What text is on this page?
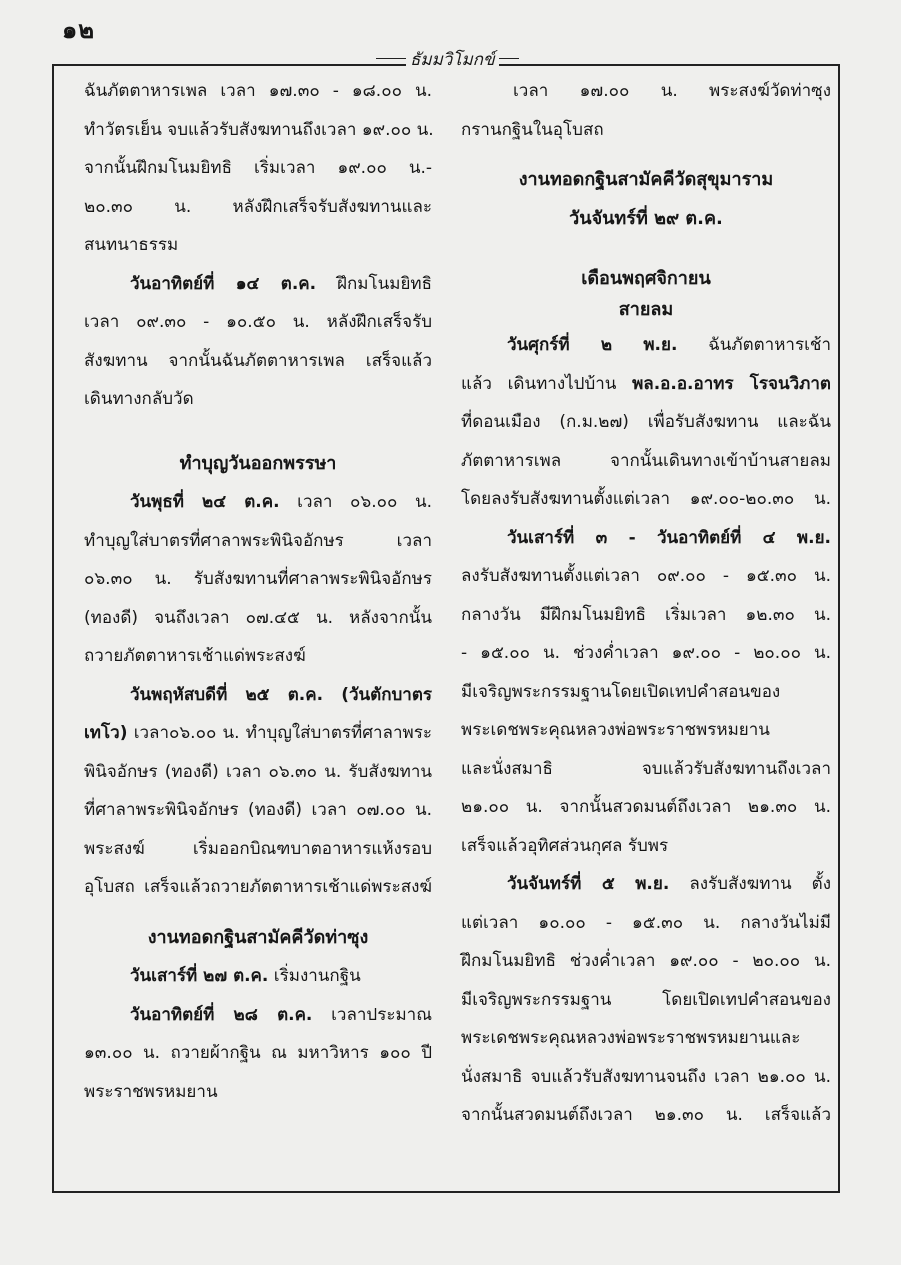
๑๒
ธัมมวิโมกข์
ฉันภัตตาหารเพล เวลา ๑๗.๓๐ - ๑๘.๐๐ น.
ทำวัตรเย็น จบแล้วรับสังฆทานถึงเวลา ๑๙.๐๐ น.
จากนั้นฝึกมโนมยิทธิ เริ่มเวลา ๑๙.๐๐ น.-
๒๐.๓๐ น. หลังฝึกเสร็จรับสังฆทานและ
สนทนาธรรม
วันอาทิตย์ที่ ๑๔ ต.ค. ฝึกมโนมยิทธิ
เวลา ๐๙.๓๐ - ๑๐.๕๐ น. หลังฝึกเสร็จรับ
สังฆทาน จากนั้นฉันภัตตาหารเพล เสร็จแล้ว
เดินทางกลับวัด
ทำบุญวันออกพรรษา
วันพุธที่ ๒๔ ต.ค. เวลา ๐๖.๐๐ น.
ทำบุญใส่บาตรที่ศาลาพระพินิจอักษร เวลา
๐๖.๓๐ น. รับสังฆทานที่ศาลาพระพินิจอักษร
(ทองดี) จนถึงเวลา ๐๗.๔๕ น. หลังจากนั้น
ถวายภัตตาหารเช้าแด่พระสงฆ์
วันพฤหัสบดีที่ ๒๕ ต.ค. (วันตักบาตร
เทโว) เวลา๐๖.๐๐ น. ทำบุญใส่บาตรที่ศาลาพระ
พินิจอักษร (ทองดี) เวลา ๐๖.๓๐ น. รับสังฆทาน
ที่ศาลาพระพินิจอักษร (ทองดี) เวลา ๐๗.๐๐ น.
พระสงฆ์ เริ่มออกบิณฑบาตอาหารแห้งรอบ
อุโบสถ เสร็จแล้วถวายภัตตาหารเช้าแด่พระสงฆ์
งานทอดกฐินสามัคคีวัดท่าซุง
วันเสาร์ที่ ๒๗ ต.ค. เริ่มงานกฐิน
วันอาทิตย์ที่ ๒๘ ต.ค. เวลาประมาณ
๑๓.๐๐ น. ถวายผ้ากฐิน ณ มหาวิหาร ๑๐๐ ปี
พระราชพรหมยาน
เวลา ๑๗.๐๐ น. พระสงฆ์วัดท่าซุง
กรานกฐินในอุโบสถ
งานทอดกฐินสามัคคีวัดสุขุมาราม
วันจันทร์ที่ ๒๙ ต.ค.
เดือนพฤศจิกายน
สายลม
วันศุกร์ที่ ๒ พ.ย. ฉันภัตตาหารเช้า
แล้ว เดินทางไปบ้าน พล.อ.อ.อาทร โรจนวิภาต
ที่ดอนเมือง (ก.ม.๒๗) เพื่อรับสังฆทาน และฉัน
ภัตตาหารเพล จากนั้นเดินทางเข้าบ้านสายลม
โดยลงรับสังฆทานตั้งแต่เวลา ๑๙.๐๐-๒๐.๓๐ น.
วันเสาร์ที่ ๓ - วันอาทิตย์ที่ ๔ พ.ย.
ลงรับสังฆทานตั้งแต่เวลา ๐๙.๐๐ - ๑๕.๓๐ น.
กลางวัน มีฝึกมโนมยิทธิ เริ่มเวลา ๑๒.๓๐ น.
- ๑๕.๐๐ น. ช่วงค่ำเวลา ๑๙.๐๐ - ๒๐.๐๐ น.
มีเจริญพระกรรมฐานโดยเปิดเทปคำสอนของ
พระเดชพระคุณหลวงพ่อพระราชพรหมยาน
และนั่งสมาธิ จบแล้วรับสังฆทานถึงเวลา
๒๑.๐๐ น. จากนั้นสวดมนต์ถึงเวลา ๒๑.๓๐ น.
เสร็จแล้วอุทิศส่วนกุศล รับพร
วันจันทร์ที่ ๕ พ.ย. ลงรับสังฆทาน ตั้ง
แต่เวลา ๑๐.๐๐ - ๑๕.๓๐ น. กลางวันไม่มี
ฝึกมโนมยิทธิ ช่วงค่ำเวลา ๑๙.๐๐ - ๒๐.๐๐ น.
มีเจริญพระกรรมฐาน โดยเปิดเทปคำสอนของ
พระเดชพระคุณหลวงพ่อพระราชพรหมยานและ
นั่งสมาธิ จบแล้วรับสังฆทานจนถึง เวลา ๒๑.๐๐ น.
จากนั้นสวดมนต์ถึงเวลา ๒๑.๓๐ น. เสร็จแล้ว
